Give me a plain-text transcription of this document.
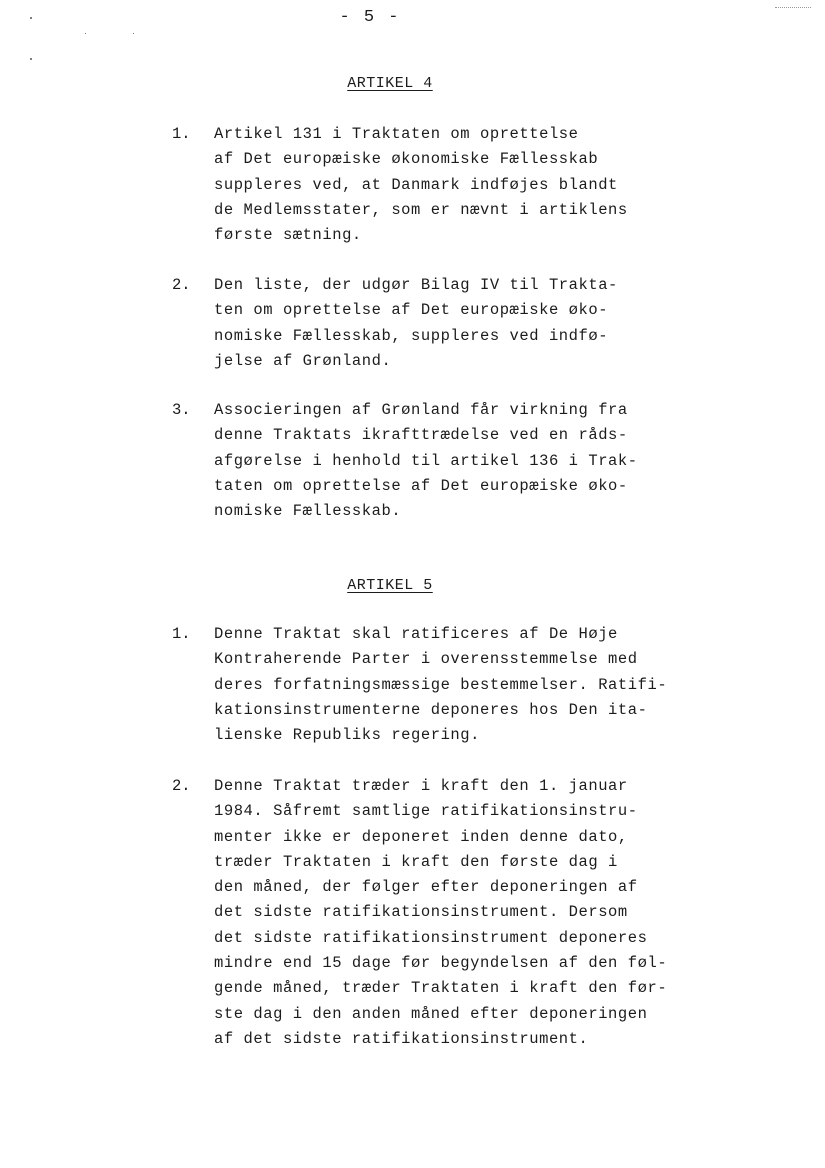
- 5 -
ARTIKEL 4
1. Artikel 131 i Traktaten om oprettelse
af Det europæiske økonomiske Fællesskab
suppleres ved, at Danmark indføjes blandt
de Medlemsstater, som er nævnt i artiklens
første sætning.
2. Den liste, der udgør Bilag IV til Trakta-
ten om oprettelse af Det europæiske øko-
nomiske Fællesskab, suppleres ved indfø-
jelse af Grønland.
3. Associeringen af Grønland får virkning fra
denne Traktats ikrafttrædelse ved en råds-
afgørelse i henhold til artikel 136 i Trak-
taten om oprettelse af Det europæiske øko-
nomiske Fællesskab.
ARTIKEL 5
1. Denne Traktat skal ratificeres af De Høje
Kontraherende Parter i overensstemmelse med
deres forfatningsmæssige bestemmelser. Ratifi-
kationsinstrumenterne deponeres hos Den ita-
lienske Republiks regering.
2. Denne Traktat træder i kraft den 1. januar
1984. Såfremt samtlige ratifikationsinstru-
menter ikke er deponeret inden denne dato,
træder Traktaten i kraft den første dag i
den måned, der følger efter deponeringen af
det sidste ratifikationsinstrument. Dersom
det sidste ratifikationsinstrument deponeres
mindre end 15 dage før begyndelsen af den føl-
gende måned, træder Traktaten i kraft den før-
ste dag i den anden måned efter deponeringen
af det sidste ratifikationsinstrument.
